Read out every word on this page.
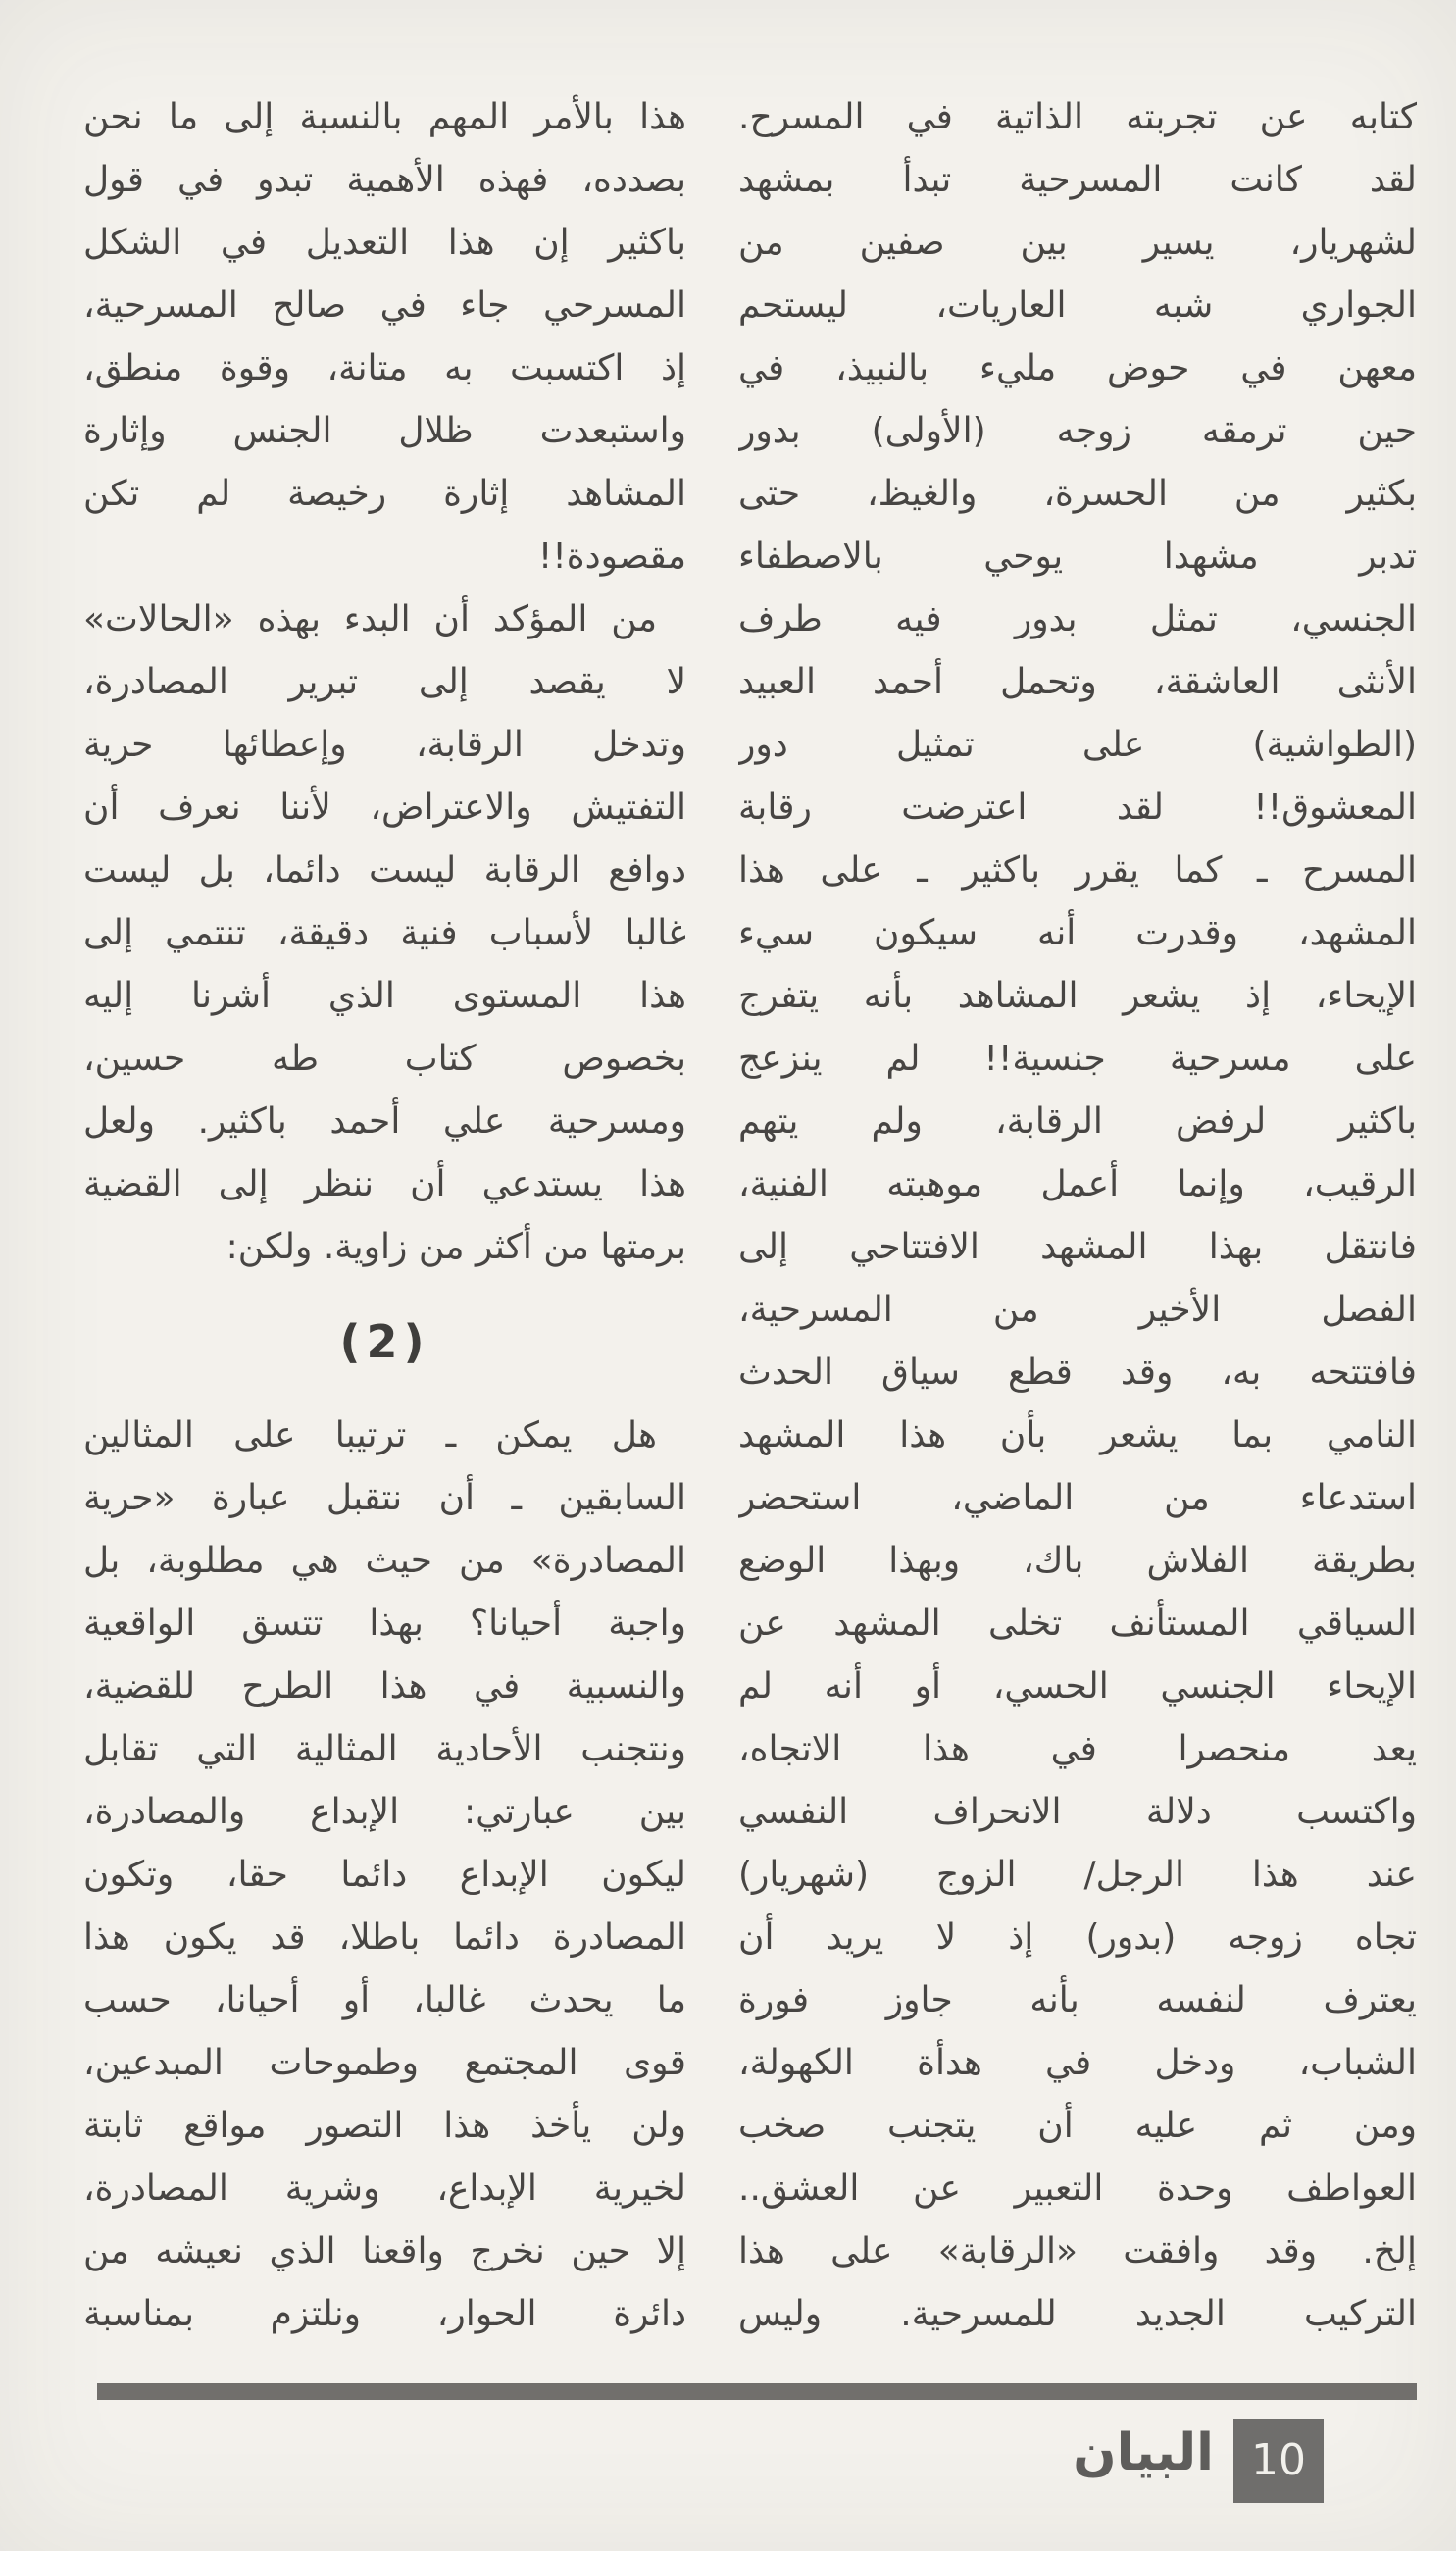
كتابه عن تجربته الذاتية في المسرح.
لقد كانت المسرحية تبدأ بمشهد
لشهريار، يسير بين صفين من
الجواري شبه العاريات، ليستحم
معهن في حوض مليء بالنبيذ، في
حين ترمقه زوجه (الأولى) بدور
بكثير من الحسرة، والغيظ، حتى
تدبر مشهدا يوحي بالاصطفاء
الجنسي، تمثل بدور فيه طرف
الأنثى العاشقة، وتحمل أحمد العبيد
(الطواشية) على تمثيل دور
المعشوق!! لقد اعترضت رقابة
المسرح ـ كما يقرر باكثير ـ على هذا
المشهد، وقدرت أنه سيكون سيء
الإيحاء، إذ يشعر المشاهد بأنه يتفرج
على مسرحية جنسية!! لم ينزعج
باكثير لرفض الرقابة، ولم يتهم
الرقيب، وإنما أعمل موهبته الفنية،
فانتقل بهذا المشهد الافتتاحي إلى
الفصل الأخير من المسرحية،
فافتتحه به، وقد قطع سياق الحدث
النامي بما يشعر بأن هذا المشهد
استدعاء من الماضي، استحضر
بطريقة الفلاش باك، وبهذا الوضع
السياقي المستأنف تخلى المشهد عن
الإيحاء الجنسي الحسي، أو أنه لم
يعد منحصرا في هذا الاتجاه،
واكتسب دلالة الانحراف النفسي
عند هذا الرجل/ الزوج (شهريار)
تجاه زوجه (بدور) إذ لا يريد أن
يعترف لنفسه بأنه جاوز فورة
الشباب، ودخل في هدأة الكهولة،
ومن ثم عليه أن يتجنب صخب
العواطف وحدة التعبير عن العشق..
إلخ. وقد وافقت «الرقابة» على هذا
التركيب الجديد للمسرحية. وليس
هذا بالأمر المهم بالنسبة إلى ما نحن
بصدده، فهذه الأهمية تبدو في قول
باكثير إن هذا التعديل في الشكل
المسرحي جاء في صالح المسرحية،
إذ اكتسبت به متانة، وقوة منطق،
واستبعدت ظلال الجنس وإثارة
المشاهد إثارة رخيصة لم تكن
مقصودة!!
من المؤكد أن البدء بهذه «الحالات»
لا يقصد إلى تبرير المصادرة،
وتدخل الرقابة، وإعطائها حرية
التفتيش والاعتراض، لأننا نعرف أن
دوافع الرقابة ليست دائما، بل ليست
غالبا لأسباب فنية دقيقة، تنتمي إلى
هذا المستوى الذي أشرنا إليه
بخصوص كتاب طه حسين،
ومسرحية علي أحمد باكثير. ولعل
هذا يستدعي أن ننظر إلى القضية
برمتها من أكثر من زاوية. ولكن:
(2)
هل يمكن ـ ترتيبا على المثالين
السابقين ـ أن نتقبل عبارة «حرية
المصادرة» من حيث هي مطلوبة، بل
واجبة أحيانا؟ بهذا تتسق الواقعية
والنسبية في هذا الطرح للقضية،
ونتجنب الأحادية المثالية التي تقابل
بين عبارتي: الإبداع والمصادرة،
ليكون الإبداع دائما حقا، وتكون
المصادرة دائما باطلا، قد يكون هذا
ما يحدث غالبا، أو أحيانا، حسب
قوى المجتمع وطموحات المبدعين،
ولن يأخذ هذا التصور مواقع ثابتة
لخيرية الإبداع، وشرية المصادرة،
إلا حين نخرج واقعنا الذي نعيشه من
دائرة الحوار، ونلتزم بمناسبة
البيان 10
